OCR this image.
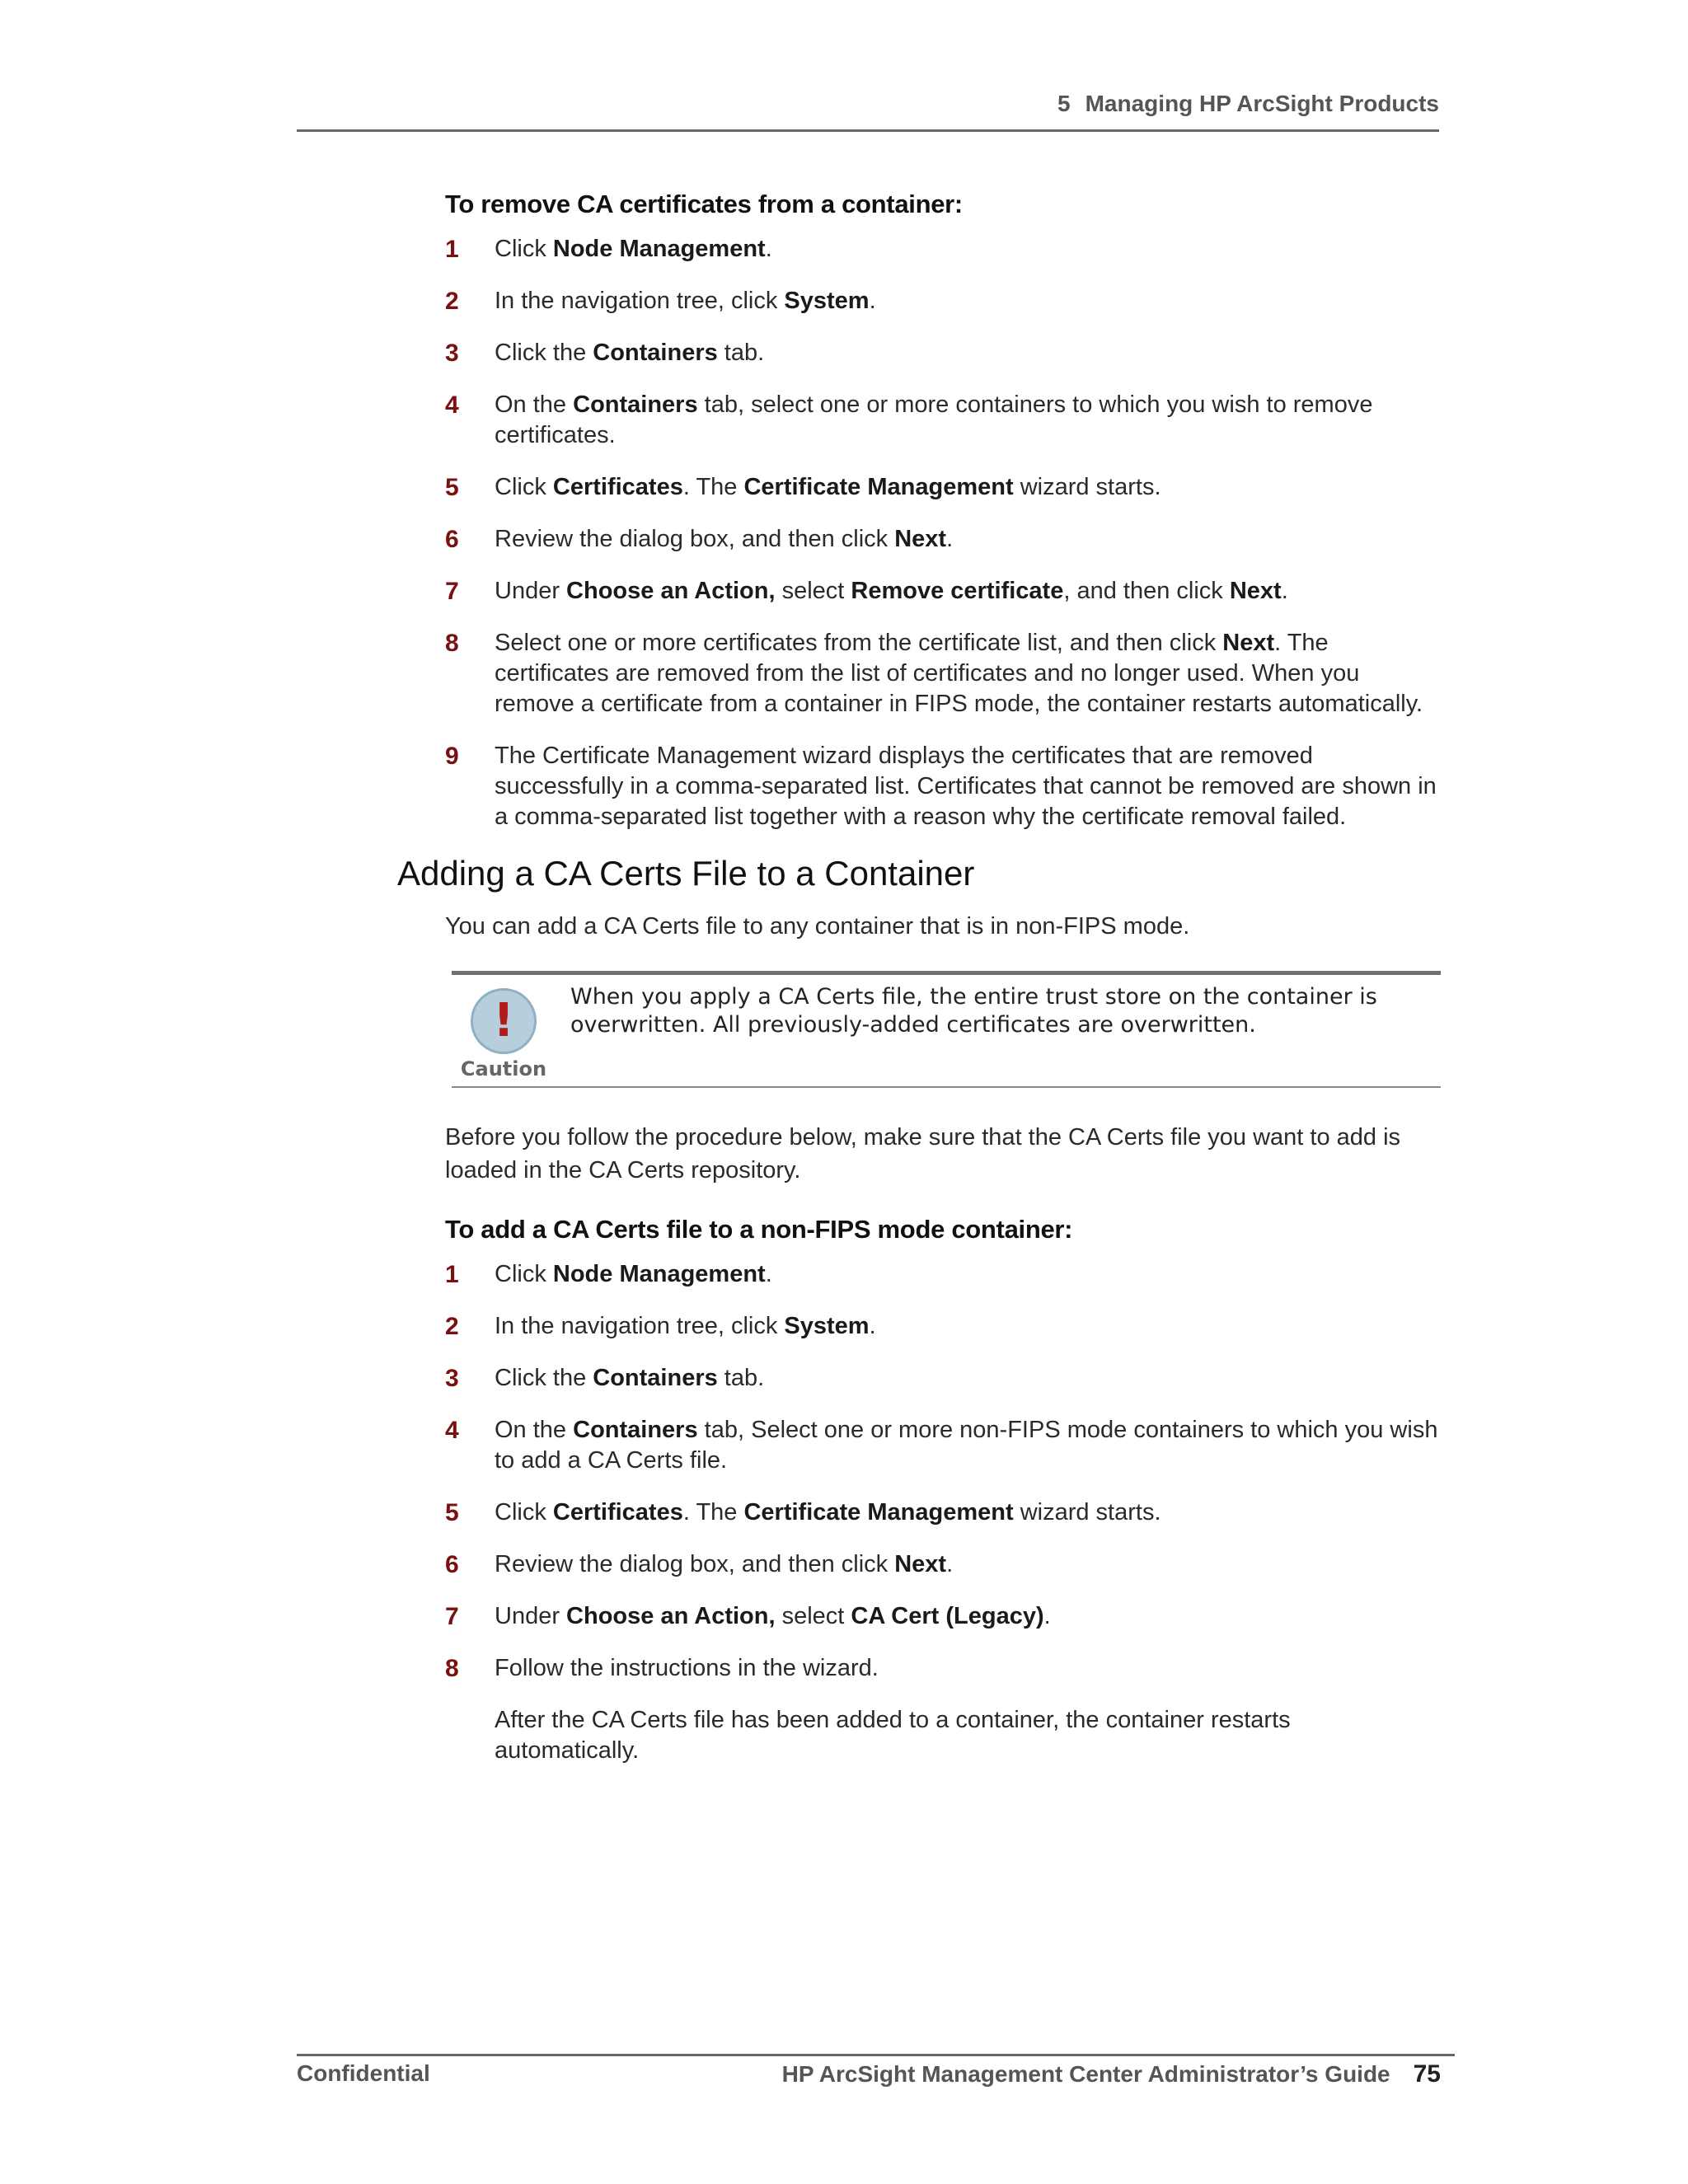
5 Managing HP ArcSight Products
To remove CA certificates from a container:
1	Click Node Management.
2	In the navigation tree, click System.
3	Click the Containers tab.
4	On the Containers tab, select one or more containers to which you wish to remove certificates.
5	Click Certificates. The Certificate Management wizard starts.
6	Review the dialog box, and then click Next.
7	Under Choose an Action, select Remove certificate, and then click Next.
8	Select one or more certificates from the certificate list, and then click Next. The certificates are removed from the list of certificates and no longer used. When you remove a certificate from a container in FIPS mode, the container restarts automatically.
9	The Certificate Management wizard displays the certificates that are removed successfully in a comma-separated list. Certificates that cannot be removed are shown in a comma-separated list together with a reason why the certificate removal failed.
Adding a CA Certs File to a Container

You can add a CA Certs file to any container that is in non-FIPS mode.

!
Caution
When you apply a CA Certs file, the entire trust store on the container is overwritten. All previously-added certificates are overwritten.

Before you follow the procedure below, make sure that the CA Certs file you want to add is loaded in the CA Certs repository.

To add a CA Certs file to a non-FIPS mode container:
1	Click Node Management.
2	In the navigation tree, click System.
3	Click the Containers tab.
4	On the Containers tab, Select one or more non-FIPS mode containers to which you wish to add a CA Certs file.
5	Click Certificates. The Certificate Management wizard starts.
6	Review the dialog box, and then click Next.
7	Under Choose an Action, select CA Cert (Legacy).
8	Follow the instructions in the wizard.
After the CA Certs file has been added to a container, the container restarts automatically.
Confidential	HP ArcSight Management Center Administrator’s Guide 75
